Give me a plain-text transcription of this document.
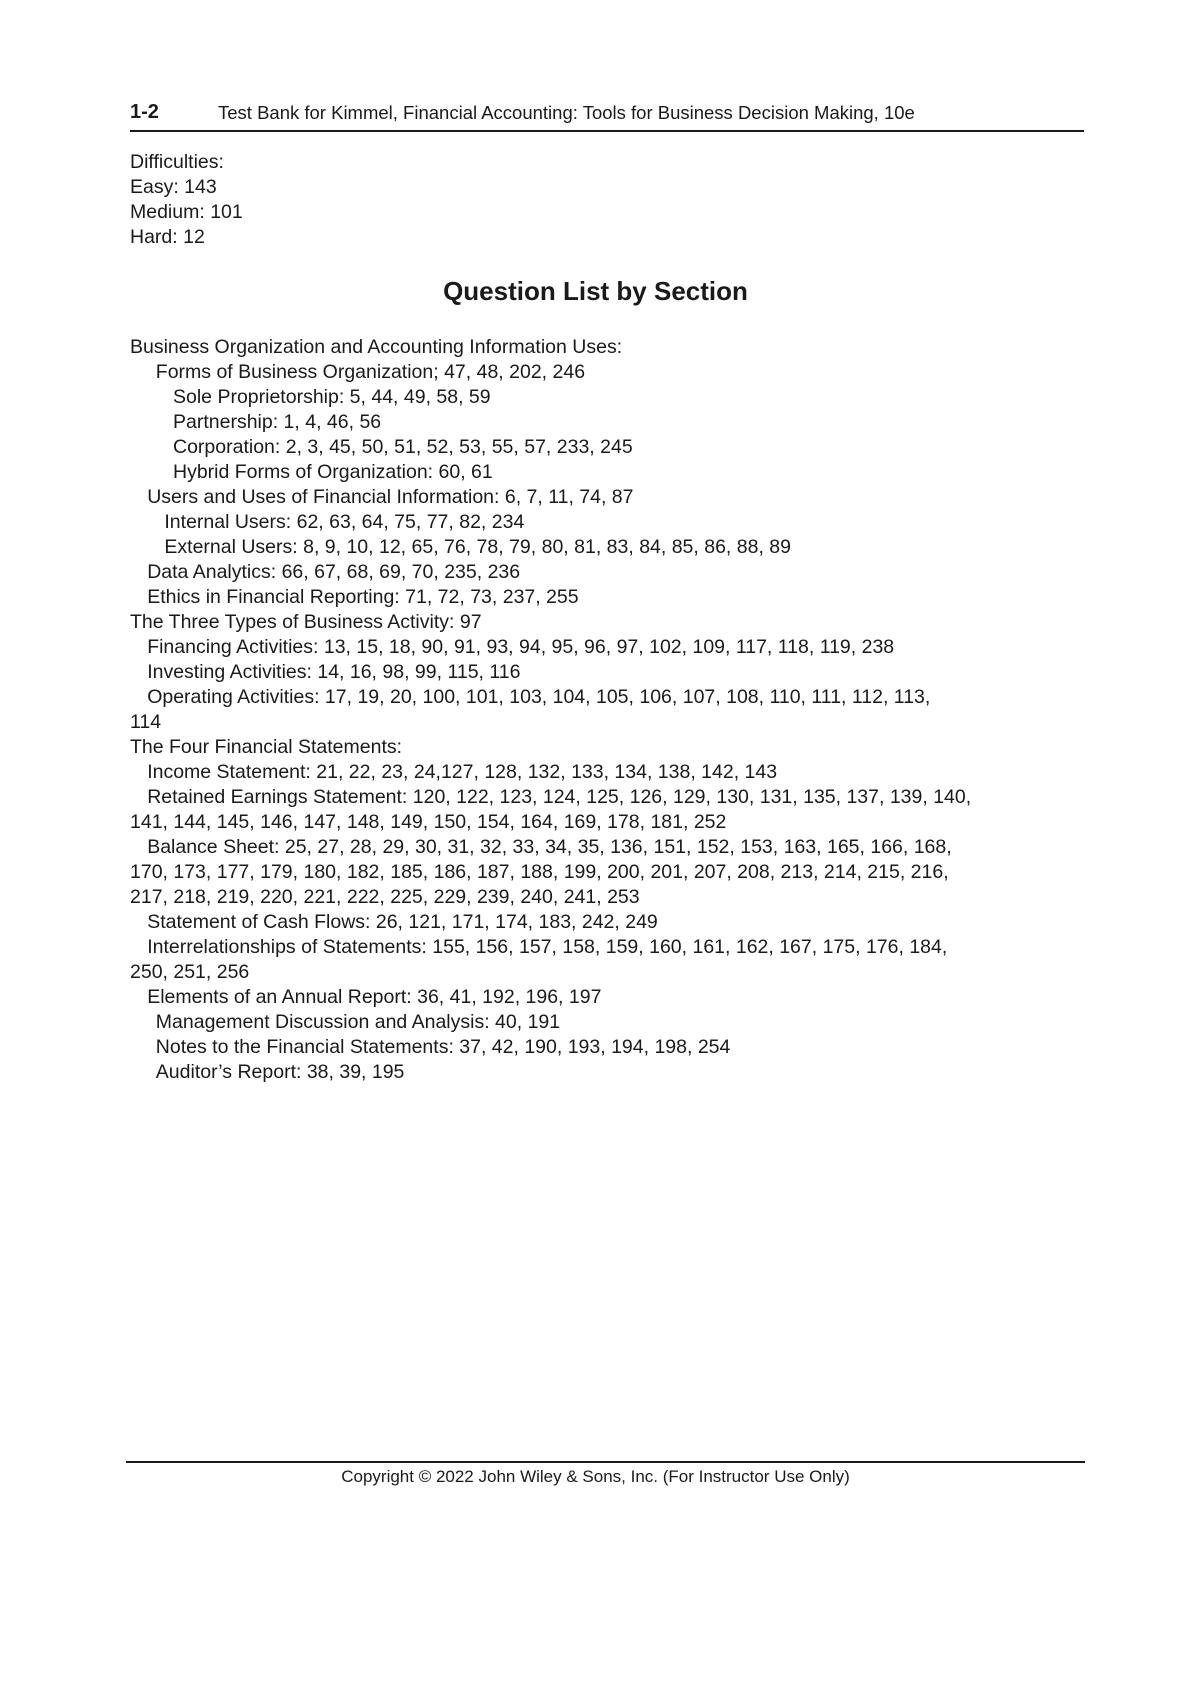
1-2	Test Bank for Kimmel, Financial Accounting: Tools for Business Decision Making, 10e
Difficulties:
Easy: 143
Medium: 101
Hard: 12
Question List by Section
Business Organization and Accounting Information Uses:
Forms of Business Organization; 47, 48, 202, 246
Sole Proprietorship: 5, 44, 49, 58, 59
Partnership: 1, 4, 46, 56
Corporation: 2, 3, 45, 50, 51, 52, 53, 55, 57, 233, 245
Hybrid Forms of Organization: 60, 61
Users and Uses of Financial Information: 6, 7, 11, 74, 87
Internal Users: 62, 63, 64, 75, 77, 82, 234
External Users: 8, 9, 10, 12, 65, 76, 78, 79, 80, 81, 83, 84, 85, 86, 88, 89
Data Analytics: 66, 67, 68, 69, 70, 235, 236
Ethics in Financial Reporting: 71, 72, 73, 237, 255
The Three Types of Business Activity: 97
Financing Activities: 13, 15, 18, 90, 91, 93, 94, 95, 96, 97, 102, 109, 117, 118, 119, 238
Investing Activities: 14, 16, 98, 99, 115, 116
Operating Activities: 17, 19, 20, 100, 101, 103, 104, 105, 106, 107, 108, 110, 111, 112, 113,
114
The Four Financial Statements:
Income Statement: 21, 22, 23, 24,127, 128, 132, 133, 134, 138, 142, 143
Retained Earnings Statement: 120, 122, 123, 124, 125, 126, 129, 130, 131, 135, 137, 139, 140,
141, 144, 145, 146, 147, 148, 149, 150, 154, 164, 169, 178, 181, 252
Balance Sheet: 25, 27, 28, 29, 30, 31, 32, 33, 34, 35, 136, 151, 152, 153, 163, 165, 166, 168,
170, 173, 177, 179, 180, 182, 185, 186, 187, 188, 199, 200, 201, 207, 208, 213, 214, 215, 216,
217, 218, 219, 220, 221, 222, 225, 229, 239, 240, 241, 253
Statement of Cash Flows: 26, 121, 171, 174, 183, 242, 249
Interrelationships of Statements: 155, 156, 157, 158, 159, 160, 161, 162, 167, 175, 176, 184,
250, 251, 256
Elements of an Annual Report: 36, 41, 192, 196, 197
Management Discussion and Analysis: 40, 191
Notes to the Financial Statements: 37, 42, 190, 193, 194, 198, 254
Auditor’s Report: 38, 39, 195
Copyright © 2022 John Wiley & Sons, Inc. (For Instructor Use Only)
